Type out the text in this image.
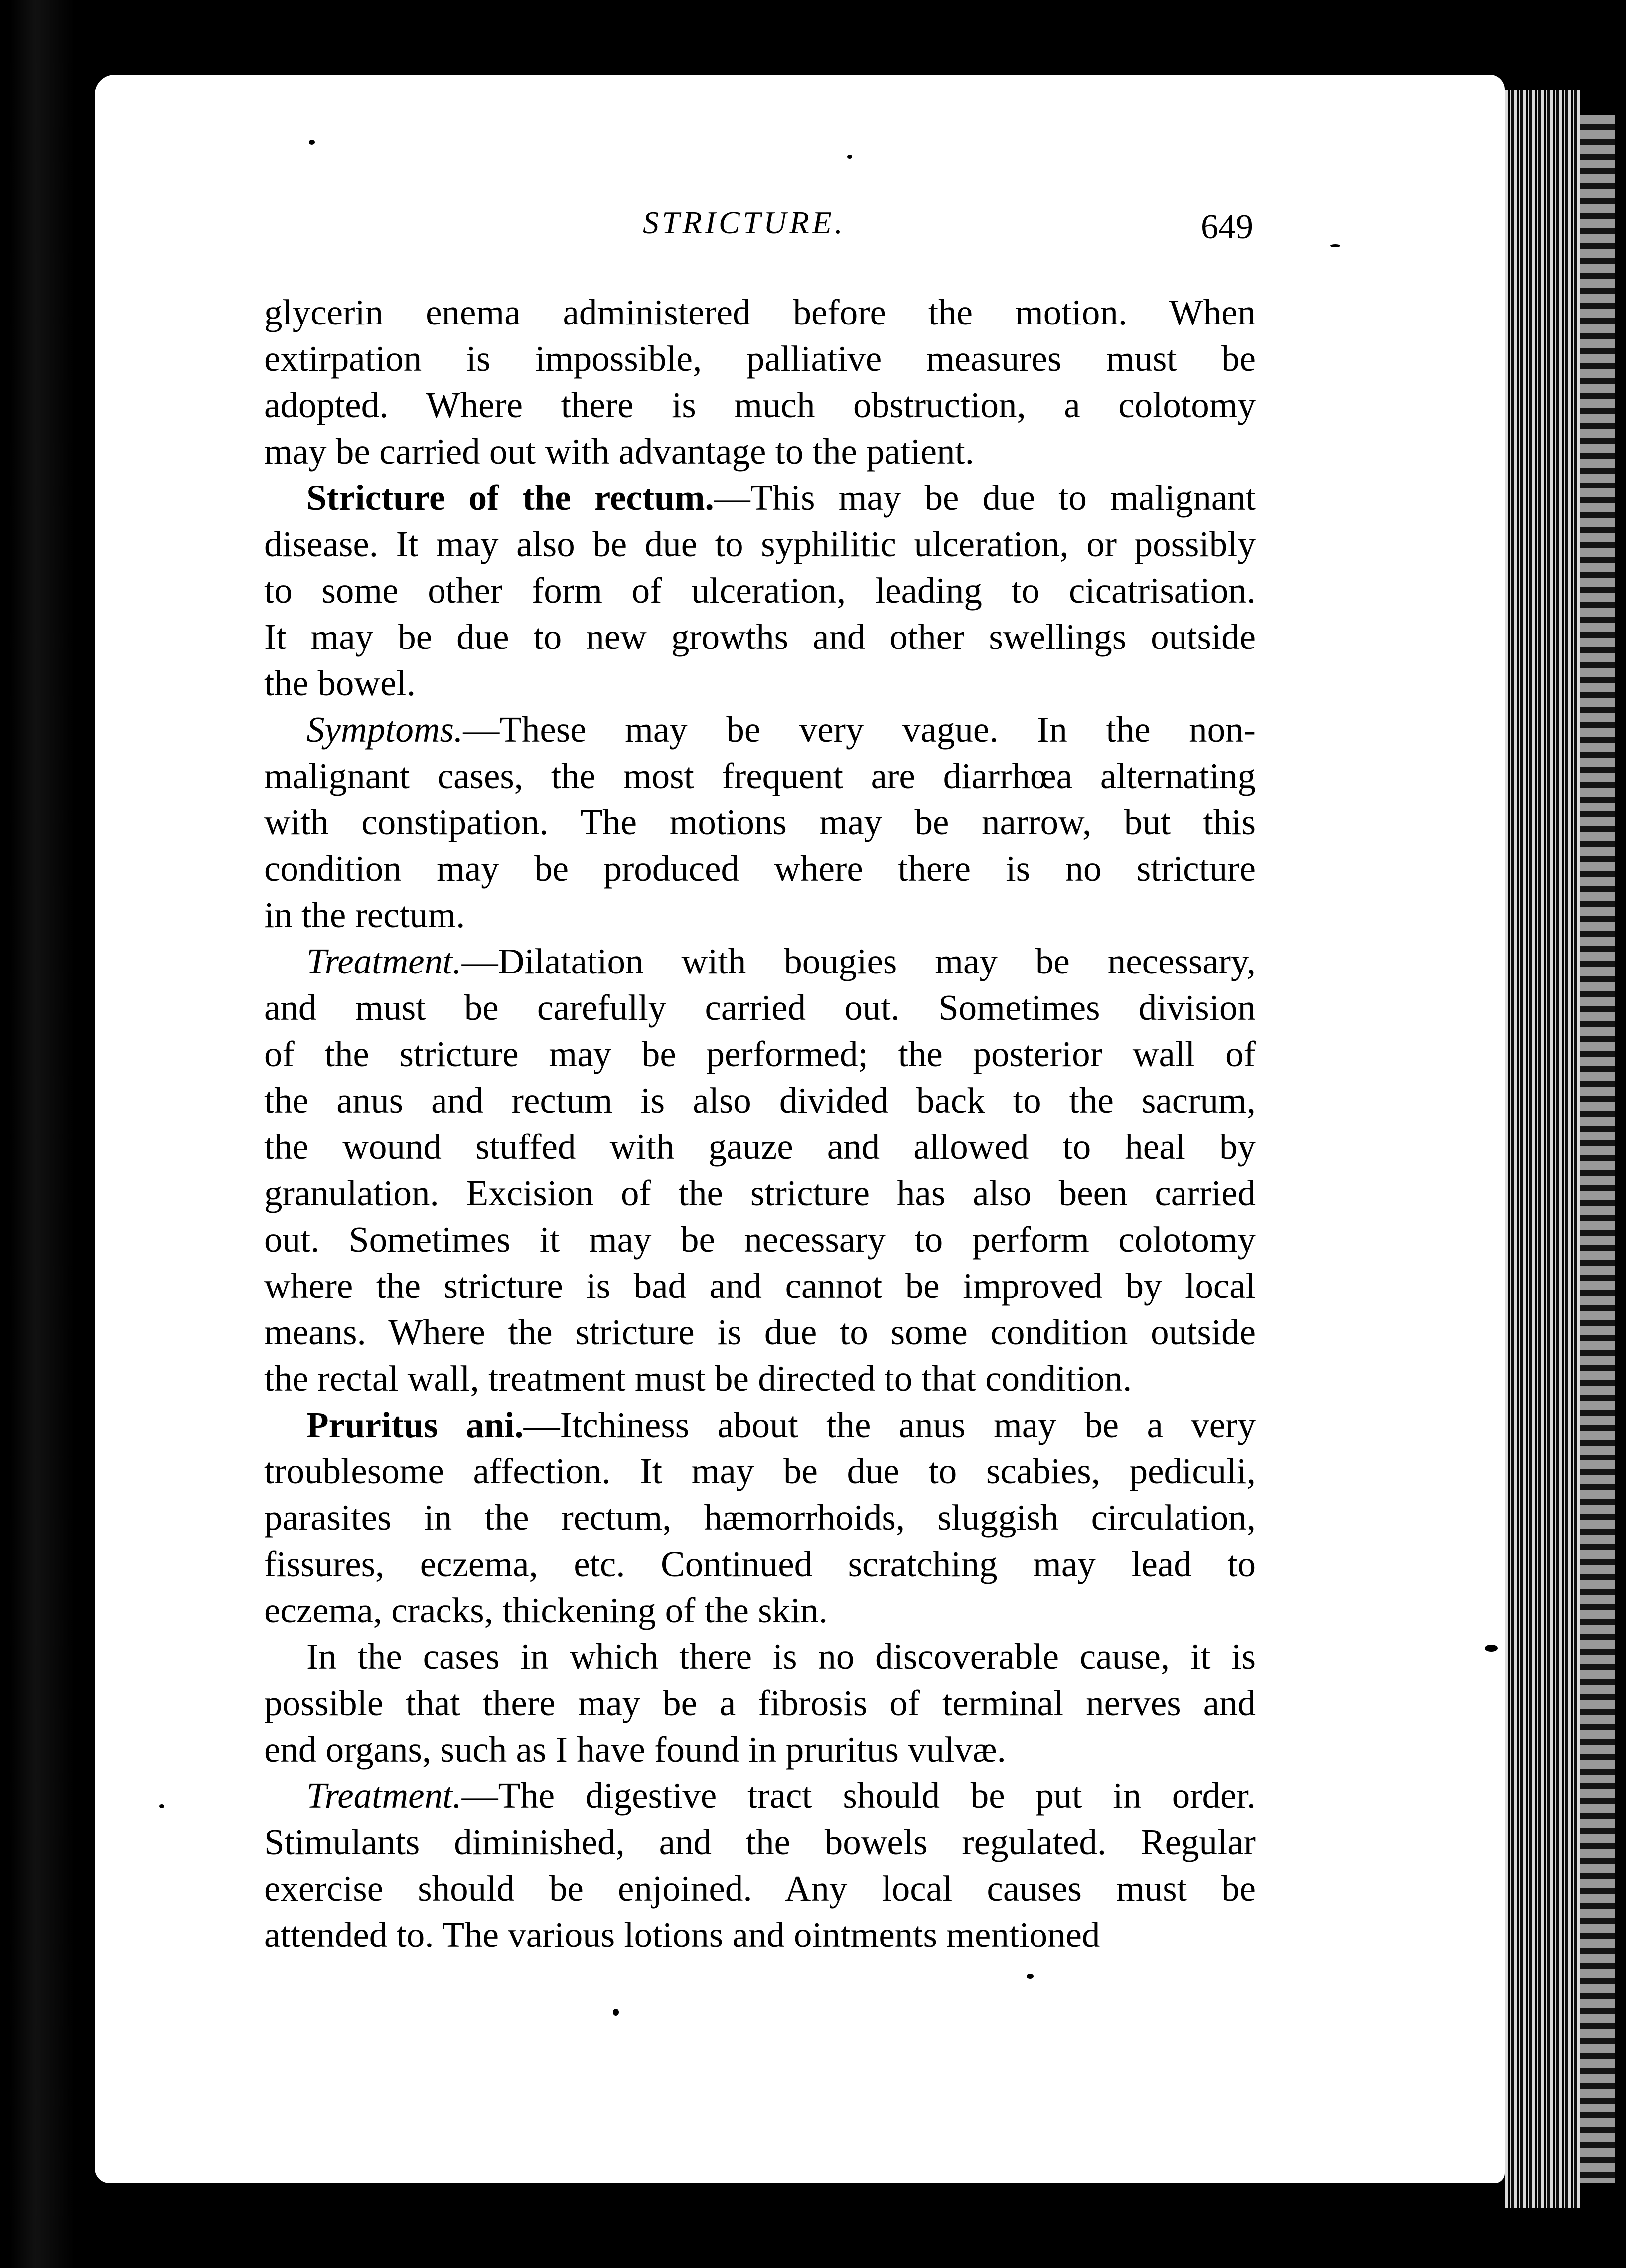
STRICTURE.	649
glycerin enema administered before the motion. When
extirpation is impossible, palliative measures must be
adopted. Where there is much obstruction, a colotomy
may be carried out with advantage to the patient.
Stricture of the rectum.—This may be due to malignant
disease. It may also be due to syphilitic ulceration, or possibly
to some other form of ulceration, leading to cicatrisation.
It may be due to new growths and other swellings outside
the bowel.
Symptoms.—These may be very vague. In the non-
malignant cases, the most frequent are diarrhœa alternating
with constipation. The motions may be narrow, but this
condition may be produced where there is no stricture
in the rectum.
Treatment.—Dilatation with bougies may be necessary,
and must be carefully carried out. Sometimes division
of the stricture may be performed; the posterior wall of
the anus and rectum is also divided back to the sacrum,
the wound stuffed with gauze and allowed to heal by
granulation. Excision of the stricture has also been carried
out. Sometimes it may be necessary to perform colotomy
where the stricture is bad and cannot be improved by local
means. Where the stricture is due to some condition outside
the rectal wall, treatment must be directed to that condition.
Pruritus ani.—Itchiness about the anus may be a very
troublesome affection. It may be due to scabies, pediculi,
parasites in the rectum, hæmorrhoids, sluggish circulation,
fissures, eczema, etc. Continued scratching may lead to
eczema, cracks, thickening of the skin.
In the cases in which there is no discoverable cause, it is
possible that there may be a fibrosis of terminal nerves and
end organs, such as I have found in pruritus vulvæ.
Treatment.—The digestive tract should be put in order.
Stimulants diminished, and the bowels regulated. Regular
exercise should be enjoined. Any local causes must be
attended to. The various lotions and ointments mentioned
